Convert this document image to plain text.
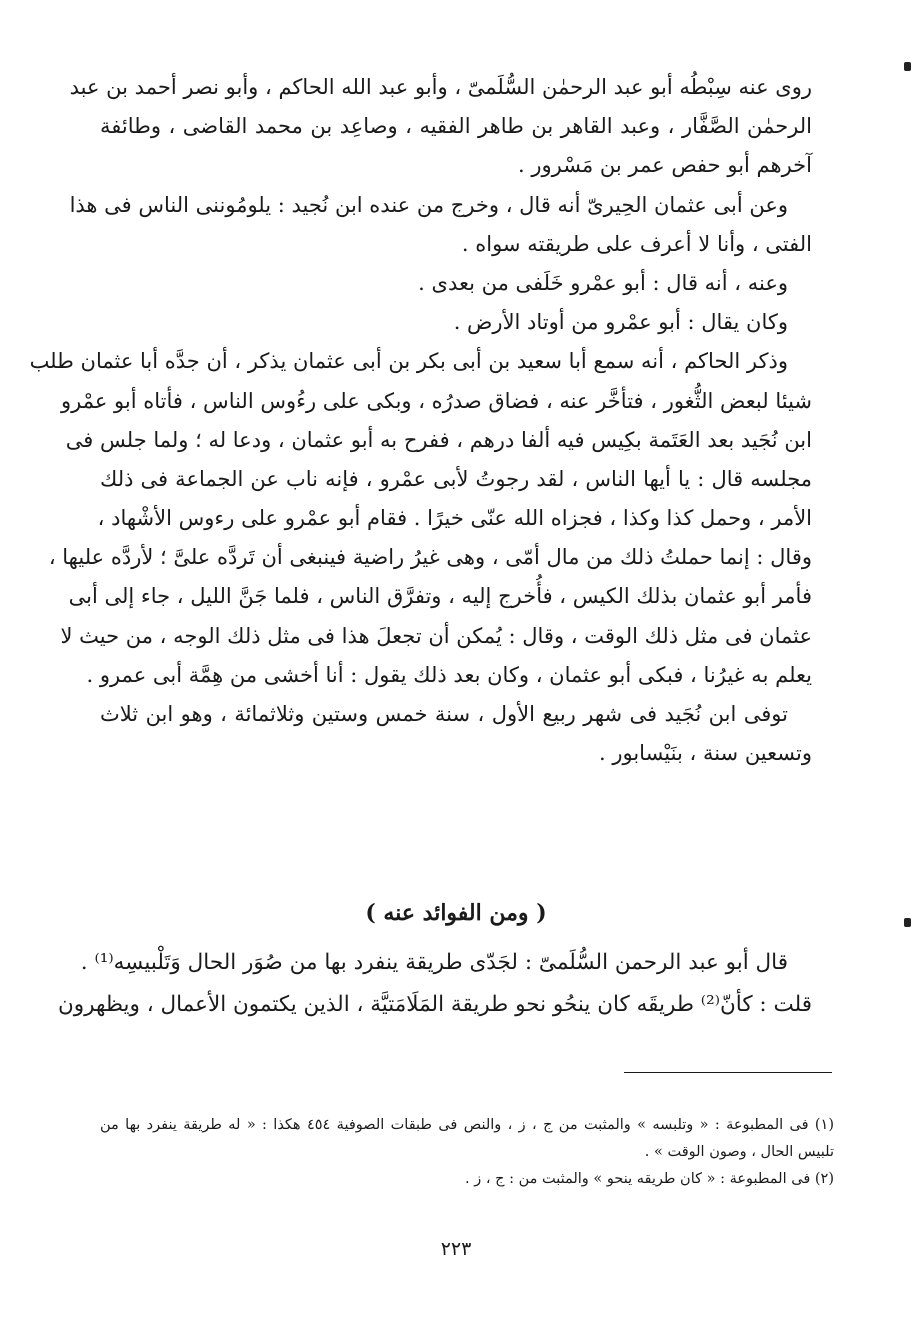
روى عنه سِبْطُه أبو عبد الرحمٰن السُّلَمىّ ، وأبو عبد الله الحاكم ، وأبو نصر أحمد بن عبد
الرحمٰن الصَّفَّار ، وعبد القاهر بن طاهر الفقيه ، وصاعِد بن محمد القاضى ، وطائفة
آخرهم أبو حفص عمر بن مَسْرور .
وعن أبى عثمان الحِيرىّ أنه قال ، وخرج من عنده ابن نُجيد : يلومُوننى الناس فى هذا
الفتى ، وأنا لا أعرف على طريقته سواه .
وعنه ، أنه قال : أبو عمْرو خَلَفى من بعدى .
وكان يقال : أبو عمْرو من أوتاد الأرض .
وذكر الحاكم ، أنه سمع أبا سعيد بن أبى بكر بن أبى عثمان يذكر ، أن جدَّه أبا عثمان طلب
شيئا لبعض الثُّغور ، فتأخَّر عنه ، فضاق صدرُه ، وبكى على رءُوس الناس ، فأتاه أبو عمْرو
ابن نُجَيد بعد العَتَمة بكِيس فيه ألفا درهم ، ففرح به أبو عثمان ، ودعا له ؛ ولما جلس فى
مجلسه قال : يا أيها الناس ، لقد رجوتُ لأبى عمْرو ، فإنه ناب عن الجماعة فى ذلك
الأمر ، وحمل كذا وكذا ، فجزاه الله عنّى خيرًا . فقام أبو عمْرو على رءوس الأشْهاد ،
وقال : إنما حملتُ ذلك من مال أمّى ، وهى غيرُ راضية فينبغى أن تَردَّه علىَّ ؛ لأردَّه عليها ،
فأمر أبو عثمان بذلك الكيس ، فأُخرج إليه ، وتفرَّق الناس ، فلما جَنَّ الليل ، جاء إلى أبى
عثمان فى مثل ذلك الوقت ، وقال : يُمكن أن تجعلَ هذا فى مثل ذلك الوجه ، من حيث لا
يعلم به غيرُنا ، فبكى أبو عثمان ، وكان بعد ذلك يقول : أنا أخشى من هِمَّة أبى عمرو .
توفى ابن نُجَيد فى شهر ربيع الأول ، سنة خمس وستين وثلاثمائة ، وهو ابن ثلاث
وتسعين سنة ، بنَيْسابور .
( ومن الفوائد عنه )
قال أبو عبد الرحمن السُّلَمىّ : لجَدّى طريقة ينفرد بها من صُوَر الحال وَتَلْبيسِه⁽¹⁾ .
قلت : كأنّ⁽²⁾ طريقَه كان ينحُو نحو طريقة المَلَامَتيَّة ، الذين يكتمون الأعمال ، ويظهرون
(١) فى المطبوعة : « وتلبسه » والمثبت من ج ، ز ، والنص فى طبقات الصوفية ٤٥٤ هكذا : « له طريقة ينفرد بها من
تلبيس الحال ، وصون الوقت » .
(٢) فى المطبوعة : « كان طريقه ينحو » والمثبت من : ج ، ز .
٢٢٣
